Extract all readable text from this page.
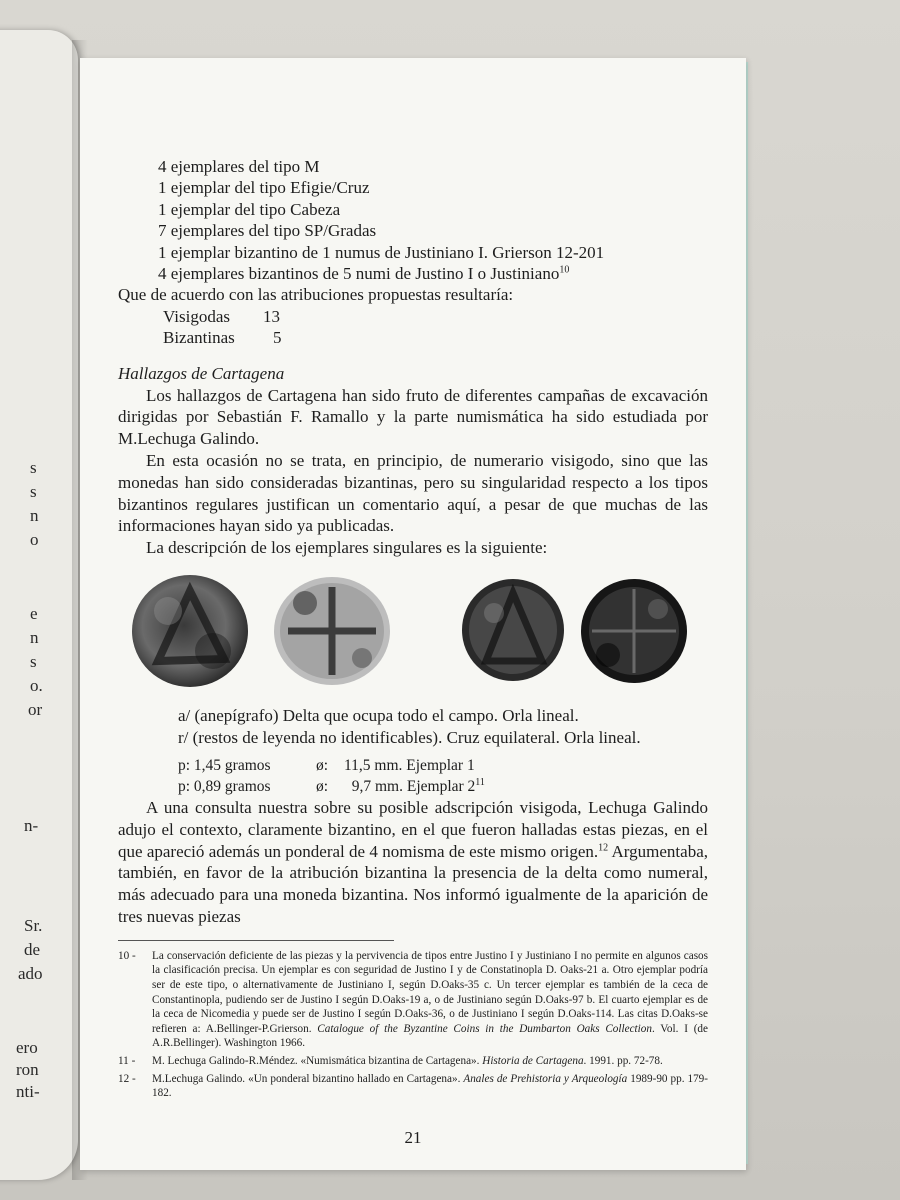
s
s
n
o
e
n
s
o.
or
n-
Sr.
de
ado
ero
ron
nti-
4 ejemplares del tipo M
1 ejemplar del tipo Efigie/Cruz
1 ejemplar del tipo Cabeza
7 ejemplares del tipo SP/Gradas
1 ejemplar bizantino de 1 numus de Justiniano I. Grierson 12-201
4 ejemplares bizantinos de 5 numi de Justino I o Justiniano$^{10}$
Que de acuerdo con las atribuciones propuestas resultaría:
Visigodas 13
Bizantinas 5
Hallazgos de Cartagena
Los hallazgos de Cartagena han sido fruto de diferentes campañas de excavación dirigidas por Sebastián F. Ramallo y la parte numismática ha sido estudiada por M.Lechuga Galindo.
En esta ocasión no se trata, en principio, de numerario visigodo, sino que las monedas han sido consideradas bizantinas, pero su singularidad respecto a los tipos bizantinos regulares justifican un comentario aquí, a pesar de que muchas de las informaciones hayan sido ya publicadas.
La descripción de los ejemplares singulares es la siguiente:
a/ (anepígrafo) Delta que ocupa todo el campo. Orla lineal.
r/ (restos de leyenda no identificables). Cruz equilateral. Orla lineal.
p: 1,45 gramos	ø: 11,5 mm. Ejemplar 1
p: 0,89 gramos	ø:  9,7 mm. Ejemplar $2^{11}$
A una consulta nuestra sobre su posible adscripción visigoda, Lechuga Galindo adujo el contexto, claramente bizantino, en el que fueron halladas estas piezas, en el que apareció además un ponderal de 4 nomisma de este mismo origen.$^{12}$ Argumentaba, también, en favor de la atribución bizantina la presencia de la delta como numeral, más adecuado para una moneda bizantina. Nos informó igualmente de la aparición de tres nuevas piezas
10 -	La conservación deficiente de las piezas y la pervivencia de tipos entre Justino I y Justiniano I no permite en algunos casos la clasificación precisa. Un ejemplar es con seguridad de Justino I y de Constatinopla D. Oaks-21 a. Otro ejemplar podría ser de este tipo, o alternativamente de Justiniano I, según D.Oaks-35 c. Un tercer ejemplar es también de la ceca de Constantinopla, pudiendo ser de Justino I según D.Oaks-19 a, o de Justiniano según D.Oaks-97 b. El cuarto ejemplar es de la ceca de Nicomedia y puede ser de Justino I según D.Oaks-36, o de Justiniano I según D.Oaks-114. Las citas D.Oaks-se refieren a: A.Bellinger-P.Grierson. Catalogue of the Byzantine Coins in the Dumbarton Oaks Collection. Vol. I (de A.R.Bellinger). Washington 1966.
11 -	M. Lechuga Galindo-R.Méndez. «Numismática bizantina de Cartagena». Historia de Cartagena. 1991. pp. 72-78.
12 -	M.Lechuga Galindo. «Un ponderal bizantino hallado en Cartagena». Anales de Prehistoria y Arqueología 1989-90 pp. 179-182.
21
